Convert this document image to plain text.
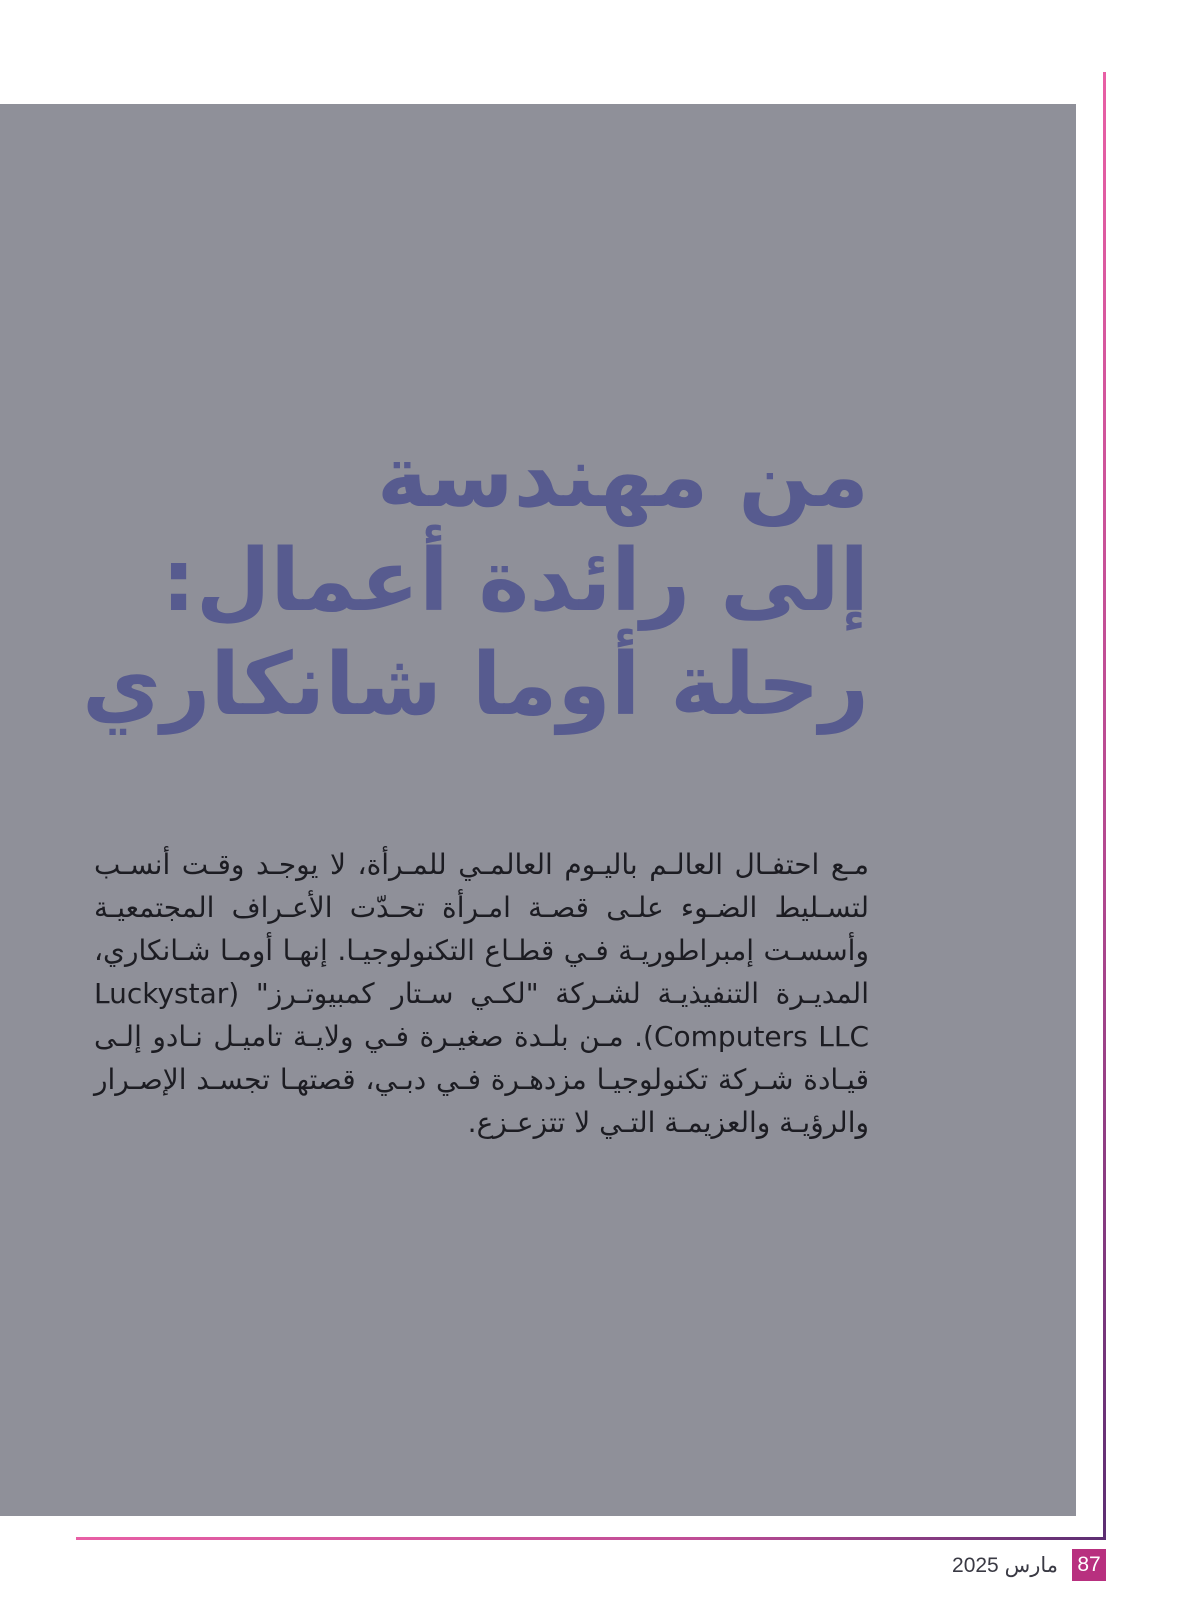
من مهندسة
إلى رائدة أعمال:
رحلة أوما شانكاري

مـع احتفـال العالـم باليـوم العالمـي للمـرأة، لا يوجـد وقـت أنسـب لتسـليط الضـوء علـى قصـة امـرأة تحـدّت الأعـراف المجتمعيـة وأسسـت إمبراطوريـة فـي قطـاع التكنولوجيـا. إنهـا أومـا شـانكاري، المديـرة التنفيذيـة لشـركة "لكـي سـتار كمبيوتـرز" (Luckystar Computers LLC). مـن بلـدة صغيـرة فـي ولايـة تاميـل نـادو إلـى قيـادة شـركة تكنولوجيـا مزدهـرة فـي دبـي، قصتهـا تجسـد الإصـرار والرؤيـة والعزيمـة التـي لا تتزعـزع.

مارس 2025 87
